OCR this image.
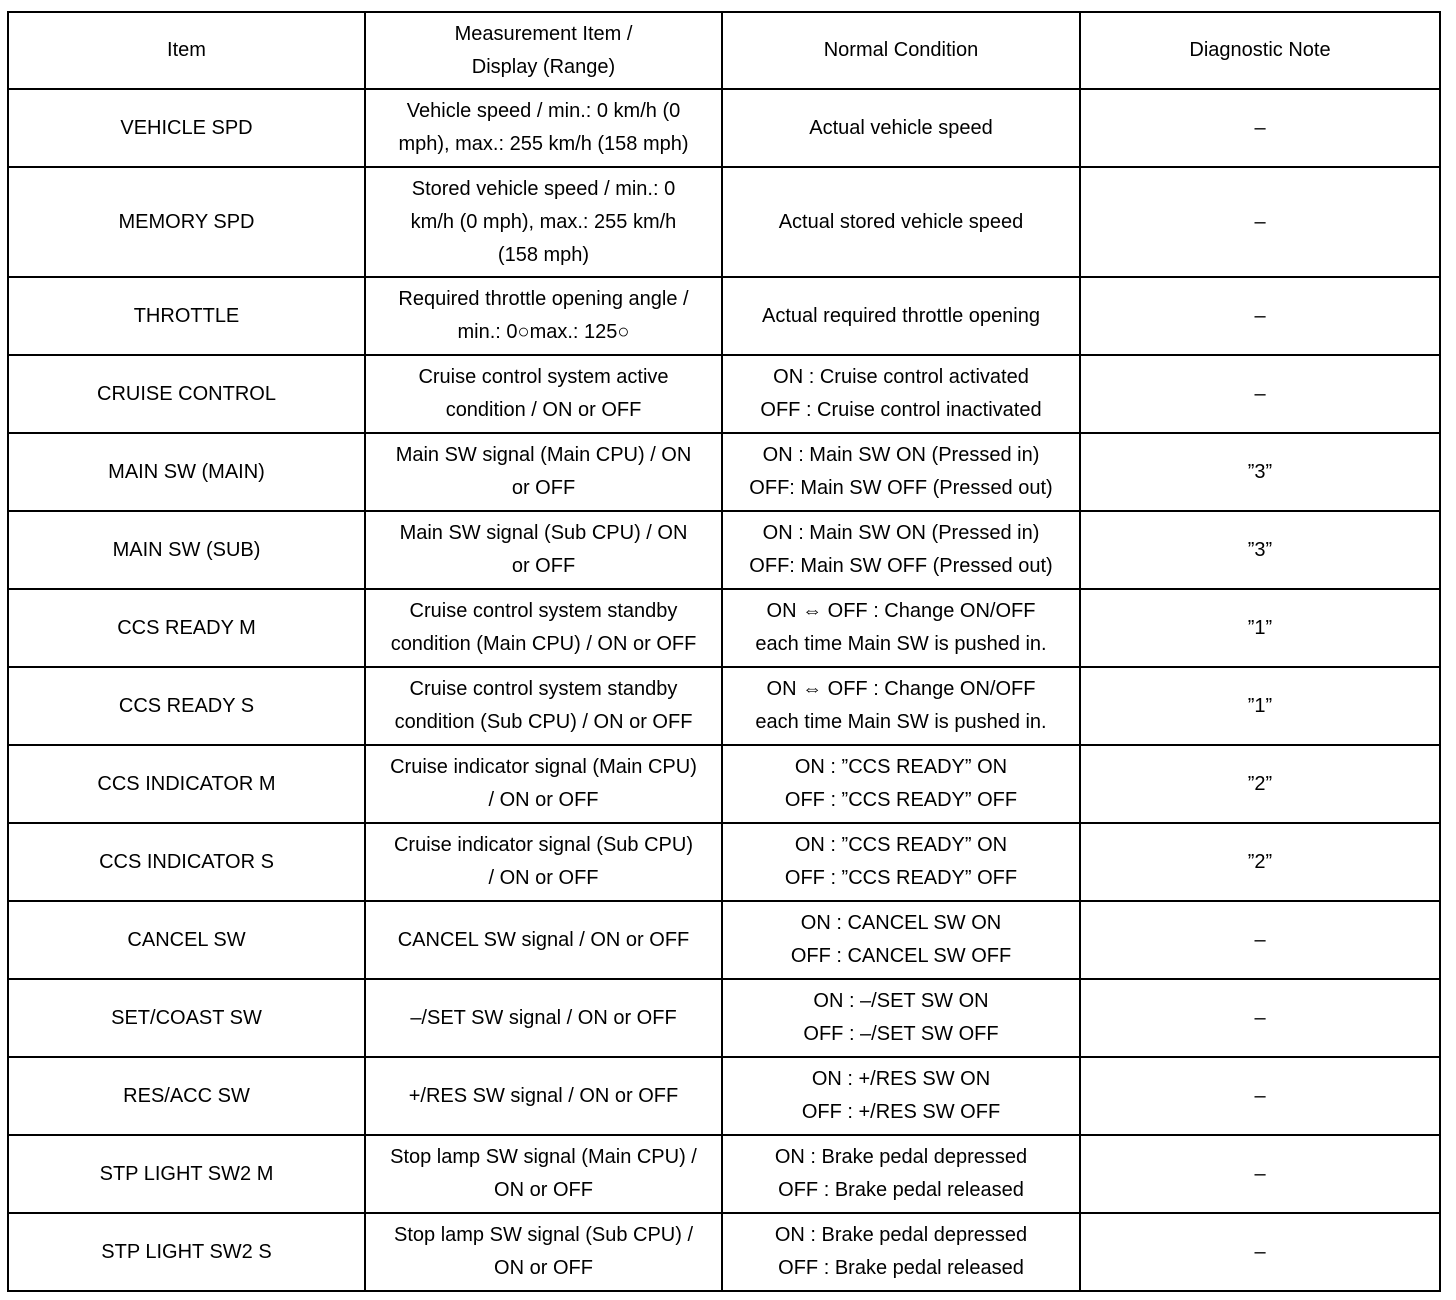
Item	Measurement Item /
Display (Range)	Normal Condition	Diagnostic Note
VEHICLE SPD	Vehicle speed / min.: 0 km/h (0
mph), max.: 255 km/h (158 mph)	Actual vehicle speed	–
MEMORY SPD	Stored vehicle speed / min.: 0
km/h (0 mph), max.: 255 km/h
(158 mph)	Actual stored vehicle speed	–
THROTTLE	Required throttle opening angle /
min.: 0○max.: 125○	Actual required throttle opening	–
CRUISE CONTROL	Cruise control system active
condition / ON or OFF	ON : Cruise control activated
OFF : Cruise control inactivated	–
MAIN SW (MAIN)	Main SW signal (Main CPU) / ON
or OFF	ON : Main SW ON (Pressed in)
OFF: Main SW OFF (Pressed out)	”3”
MAIN SW (SUB)	Main SW signal (Sub CPU) / ON
or OFF	ON : Main SW ON (Pressed in)
OFF: Main SW OFF (Pressed out)	”3”
CCS READY M	Cruise control system standby
condition (Main CPU) / ON or OFF	ON ⇔ OFF : Change ON/OFF
each time Main SW is pushed in.	”1”
CCS READY S	Cruise control system standby
condition (Sub CPU) / ON or OFF	ON ⇔ OFF : Change ON/OFF
each time Main SW is pushed in.	”1”
CCS INDICATOR M	Cruise indicator signal (Main CPU)
/ ON or OFF	ON : ”CCS READY” ON
OFF : ”CCS READY” OFF	”2”
CCS INDICATOR S	Cruise indicator signal (Sub CPU)
/ ON or OFF	ON : ”CCS READY” ON
OFF : ”CCS READY” OFF	”2”
CANCEL SW	CANCEL SW signal / ON or OFF	ON : CANCEL SW ON
OFF : CANCEL SW OFF	–
SET/COAST SW	–/SET SW signal / ON or OFF	ON : –/SET SW ON
OFF : –/SET SW OFF	–
RES/ACC SW	+/RES SW signal / ON or OFF	ON : +/RES SW ON
OFF : +/RES SW OFF	–
STP LIGHT SW2 M	Stop lamp SW signal (Main CPU) /
ON or OFF	ON : Brake pedal depressed
OFF : Brake pedal released	–
STP LIGHT SW2 S	Stop lamp SW signal (Sub CPU) /
ON or OFF	ON : Brake pedal depressed
OFF : Brake pedal released	–
